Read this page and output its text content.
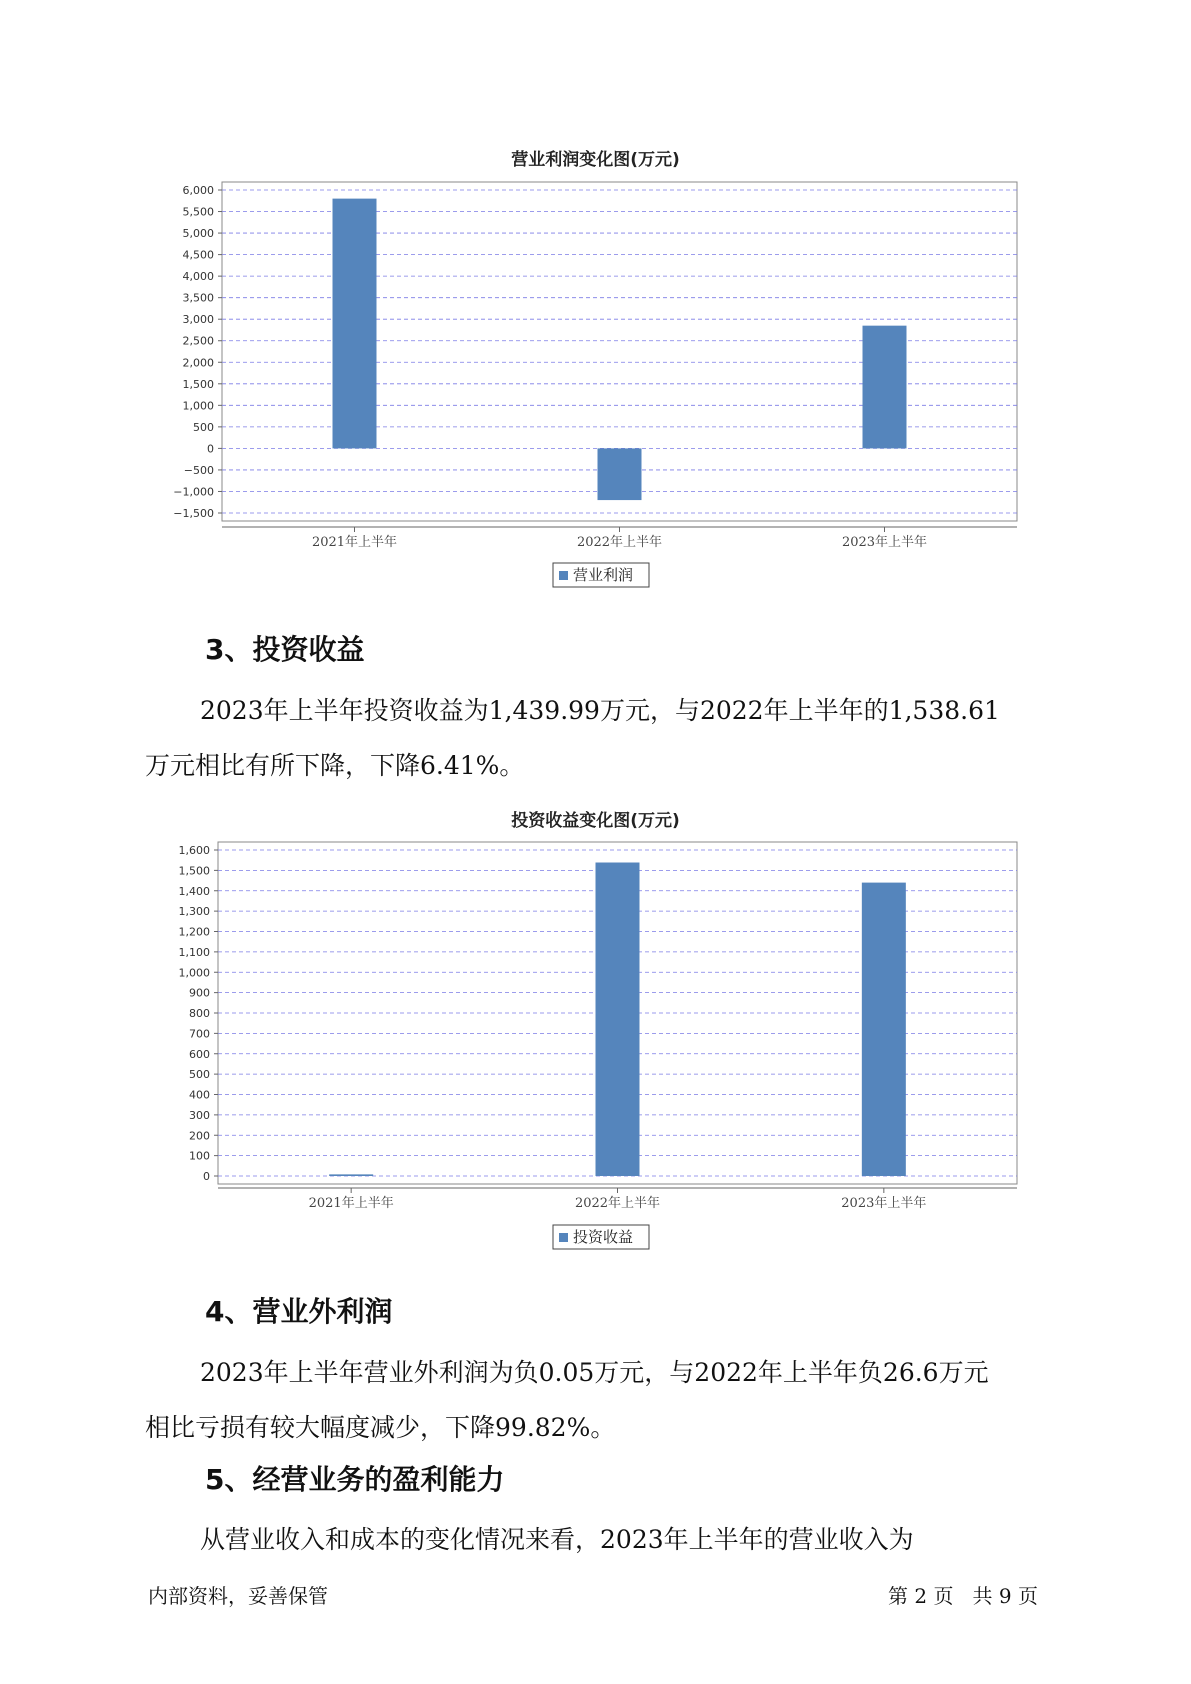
营业利润变化图(万元)
6,000
5,500
5,000
4,500
4,000
3,500
3,000
2,500
2,000
1,500
1,000
500
0
−500
−1,000
−1,500
2021年上半年	2022年上半年	2023年上半年
营业利润
3、投资收益
2023年上半年投资收益为1,439.99万元，与2022年上半年的1,538.61
万元相比有所下降，下降6.41%。
投资收益变化图(万元)
1,600
1,500
1,400
1,300
1,200
1,100
1,000
900
800
700
600
500
400
300
200
100
0
2021年上半年	2022年上半年	2023年上半年
投资收益
4、营业外利润
2023年上半年营业外利润为负0.05万元，与2022年上半年负26.6万元
相比亏损有较大幅度减少，下降99.82%。
5、经营业务的盈利能力
从营业收入和成本的变化情况来看，2023年上半年的营业收入为
内部资料，妥善保管	第 2 页   共 9 页
